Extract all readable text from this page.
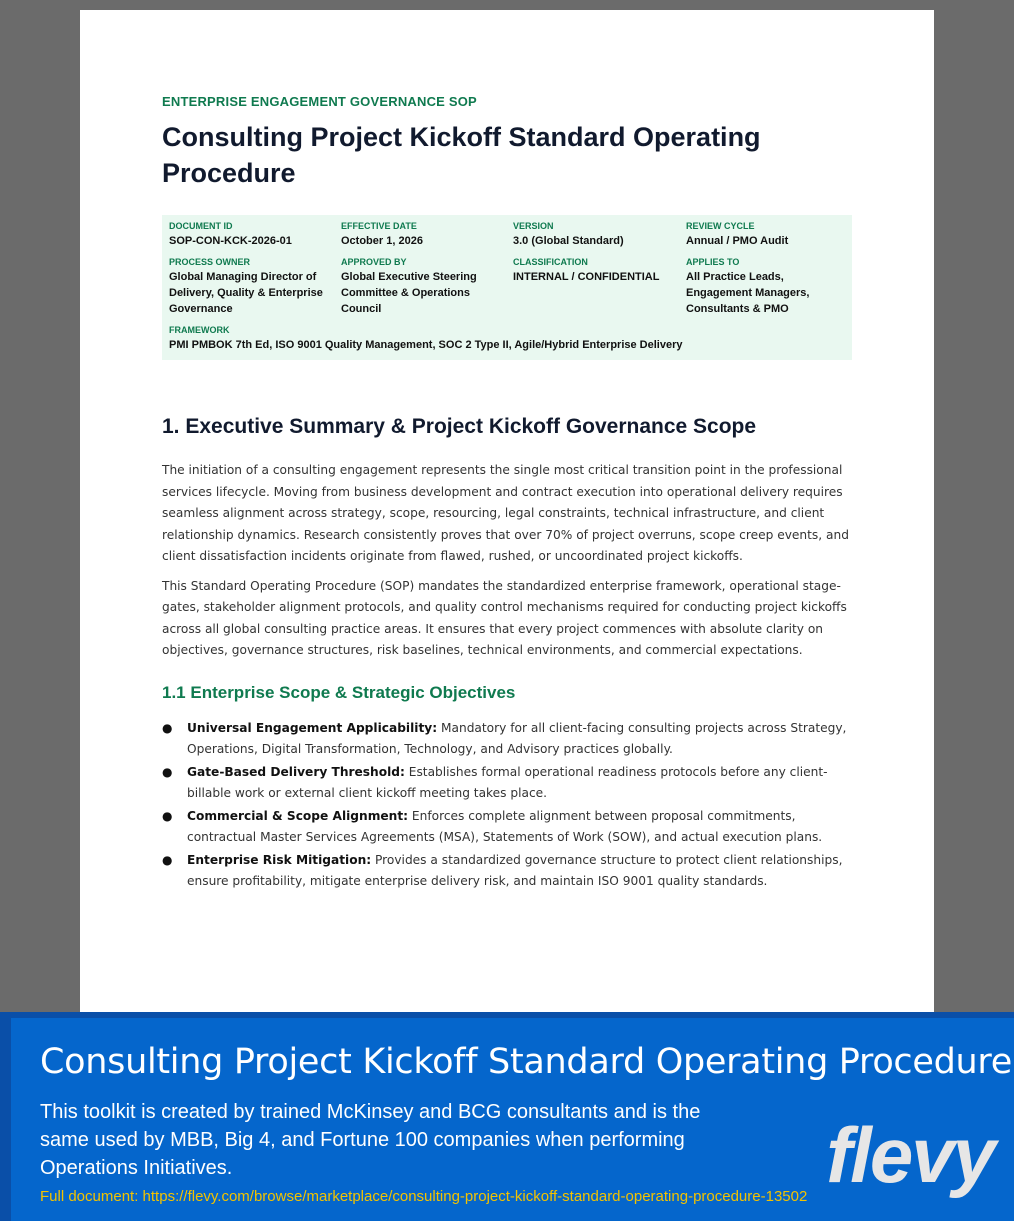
ENTERPRISE ENGAGEMENT GOVERNANCE SOP
Consulting Project Kickoff Standard Operating Procedure
DOCUMENT ID
SOP-CON-KCK-2026-01
EFFECTIVE DATE
October 1, 2026
VERSION
3.0 (Global Standard)
REVIEW CYCLE
Annual / PMO Audit
PROCESS OWNER
Global Managing Director of Delivery, Quality & Enterprise Governance
APPROVED BY
Global Executive Steering Committee & Operations Council
CLASSIFICATION
INTERNAL / CONFIDENTIAL
APPLIES TO
All Practice Leads, Engagement Managers, Consultants & PMO
FRAMEWORK
PMI PMBOK 7th Ed, ISO 9001 Quality Management, SOC 2 Type II, Agile/Hybrid Enterprise Delivery
1. Executive Summary & Project Kickoff Governance Scope

The initiation of a consulting engagement represents the single most critical transition point in the professional services lifecycle. Moving from business development and contract execution into operational delivery requires seamless alignment across strategy, scope, resourcing, legal constraints, technical infrastructure, and client relationship dynamics. Research consistently proves that over 70% of project overruns, scope creep events, and client dissatisfaction incidents originate from flawed, rushed, or uncoordinated project kickoffs.

This Standard Operating Procedure (SOP) mandates the standardized enterprise framework, operational stage-gates, stakeholder alignment protocols, and quality control mechanisms required for conducting project kickoffs across all global consulting practice areas. It ensures that every project commences with absolute clarity on objectives, governance structures, risk baselines, technical environments, and commercial expectations.

1.1 Enterprise Scope & Strategic Objectives
● Universal Engagement Applicability: Mandatory for all client-facing consulting projects across Strategy, Operations, Digital Transformation, Technology, and Advisory practices globally.
● Gate-Based Delivery Threshold: Establishes formal operational readiness protocols before any client-billable work or external client kickoff meeting takes place.
● Commercial & Scope Alignment: Enforces complete alignment between proposal commitments, contractual Master Services Agreements (MSA), Statements of Work (SOW), and actual execution plans.
● Enterprise Risk Mitigation: Provides a standardized governance structure to protect client relationships, ensure profitability, mitigate enterprise delivery risk, and maintain ISO 9001 quality standards.
Consulting Project Kickoff Standard Operating Procedure
This toolkit is created by trained McKinsey and BCG consultants and is the same used by MBB, Big 4, and Fortune 100 companies when performing Operations Initiatives.
Full document: https://flevy.com/browse/marketplace/consulting-project-kickoff-standard-operating-procedure-13502 flevy
